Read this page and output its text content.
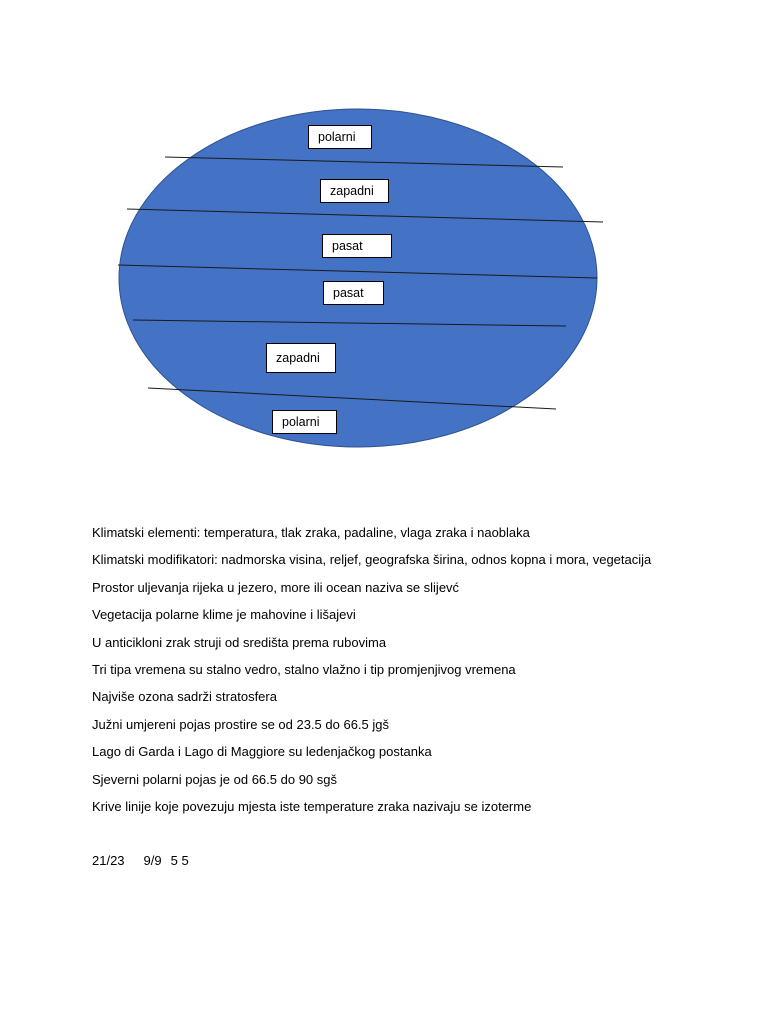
polarni
zapadni
pasat
pasat
zapadni
polarni
Klimatski elementi: temperatura, tlak zraka, padaline, vlaga zraka i naoblaka
Klimatski modifikatori: nadmorska visina, reljef, geografska širina, odnos kopna i mora, vegetacija
Prostor uljevanja rijeka u jezero, more ili ocean naziva se slijevć
Vegetacija polarne klime je mahovine i lišajevi
U anticikloni zrak struji od središta prema rubovima
Tri tipa vremena su stalno vedro, stalno vlažno i tip promjenjivog vremena
Najviše ozona sadrži stratosfera
Južni umjereni pojas prostire se od 23.5 do 66.5 jgš
Lago di Garda i Lago di Maggiore su ledenjačkog postanka
Sjeverni polarni pojas je od 66.5 do 90 sgš
Krive linije koje povezuju mjesta iste temperature zraka nazivaju se izoterme
21/23 9/9 5 5
